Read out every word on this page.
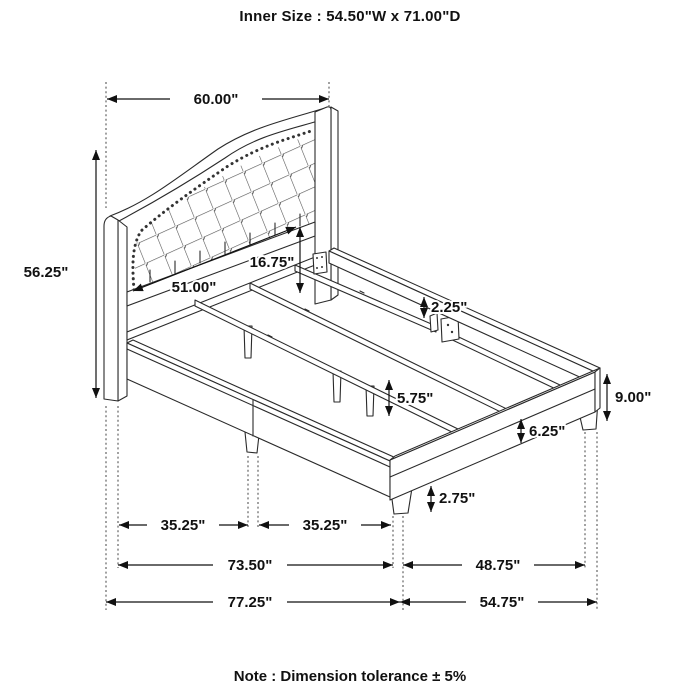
Inner Size : 54.50"W x 71.00"D
60.00"
56.25"
51.00"
16.75"
2.25"
5.75"	9.00"
6.25"
2.75"
35.25"	35.25"
73.50"	48.75"
77.25"	54.75"
Note : Dimension tolerance ± 5%
